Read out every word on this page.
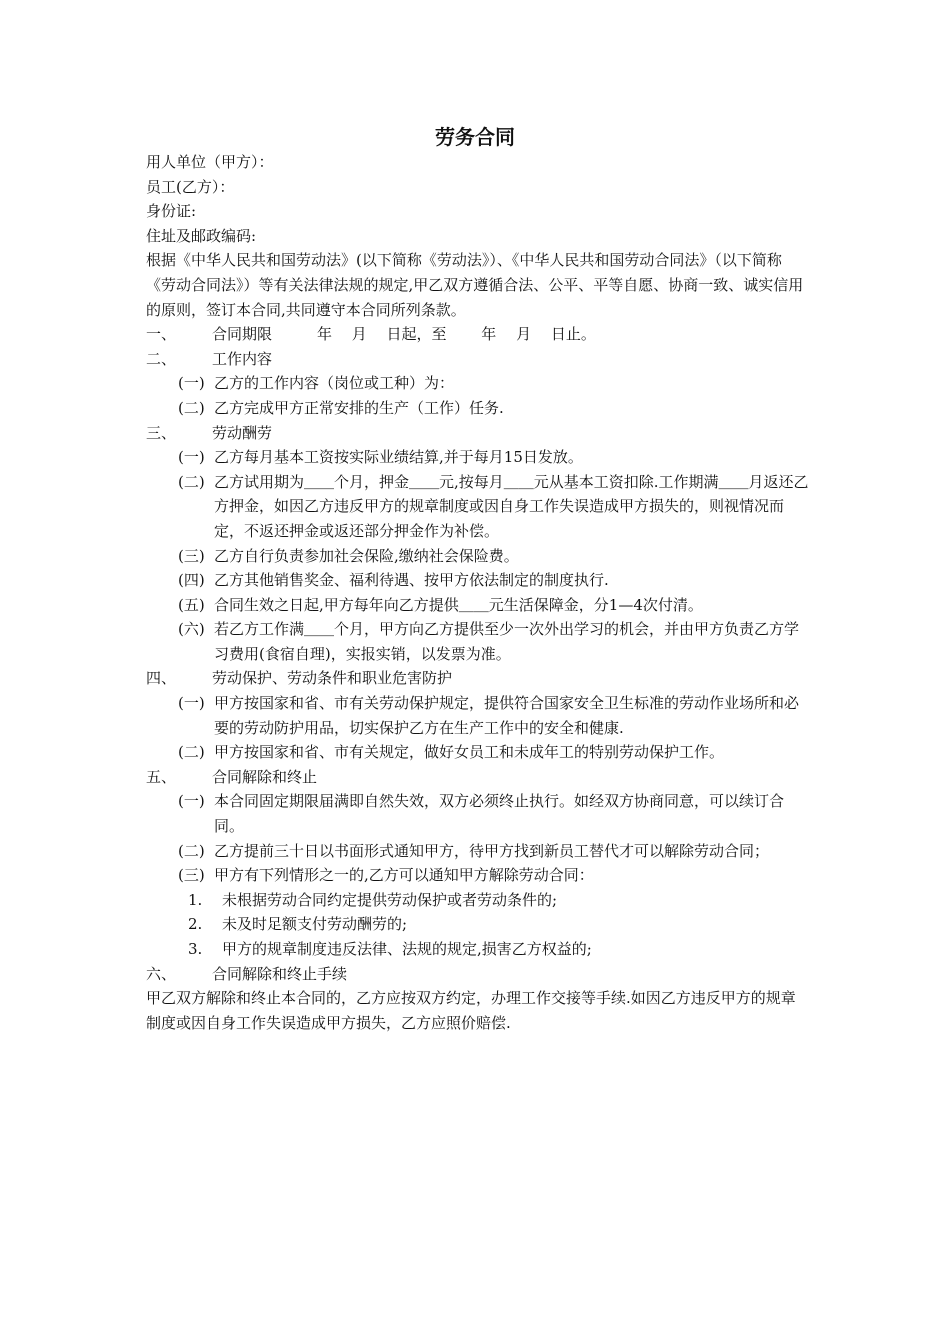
劳务合同
用人单位（甲方）：
员工(乙方）：
身份证:
住址及邮政编码:
根据《中华人民共和国劳动法》(以下简称《劳动法》）、《中华人民共和国劳动合同法》（以下简称《劳动合同法》）等有关法律法规的规定,甲乙双方遵循合法、公平、平等自愿、协商一致、诚实信用的原则，签订本合同,共同遵守本合同所列条款。
一、	合同期限　　　年　 月　 日起，至　　 年　 月　 日止。
二、	工作内容
(一) 乙方的工作内容（岗位或工种）为：
(二) 乙方完成甲方正常安排的生产（工作）任务.
三、	劳动酬劳
(一) 乙方每月基本工资按实际业绩结算,并于每月15日发放。
(二) 乙方试用期为＿＿个月，押金＿＿元,按每月＿＿元从基本工资扣除.工作期满＿＿月返还乙方押金，如因乙方违反甲方的规章制度或因自身工作失误造成甲方损失的，则视情况而定，不返还押金或返还部分押金作为补偿。
(三) 乙方自行负责参加社会保险,缴纳社会保险费。
(四) 乙方其他销售奖金、福利待遇、按甲方依法制定的制度执行.
(五) 合同生效之日起,甲方每年向乙方提供＿＿元生活保障金，分1—4次付清。
(六) 若乙方工作满＿＿个月，甲方向乙方提供至少一次外出学习的机会，并由甲方负责乙方学习费用(食宿自理)，实报实销，以发票为准。
四、	劳动保护、劳动条件和职业危害防护
(一) 甲方按国家和省、市有关劳动保护规定，提供符合国家安全卫生标准的劳动作业场所和必要的劳动防护用品，切实保护乙方在生产工作中的安全和健康.
(二) 甲方按国家和省、市有关规定，做好女员工和未成年工的特别劳动保护工作。
五、	合同解除和终止
(一) 本合同固定期限届满即自然失效，双方必须终止执行。如经双方协商同意，可以续订合同。
(二) 乙方提前三十日以书面形式通知甲方，待甲方找到新员工替代才可以解除劳动合同；
(三) 甲方有下列情形之一的,乙方可以通知甲方解除劳动合同：
1.	未根据劳动合同约定提供劳动保护或者劳动条件的;
2.	未及时足额支付劳动酬劳的;
3.	甲方的规章制度违反法律、法规的规定,损害乙方权益的;
六、	合同解除和终止手续
甲乙双方解除和终止本合同的，乙方应按双方约定，办理工作交接等手续.如因乙方违反甲方的规章制度或因自身工作失误造成甲方损失，乙方应照价赔偿.
